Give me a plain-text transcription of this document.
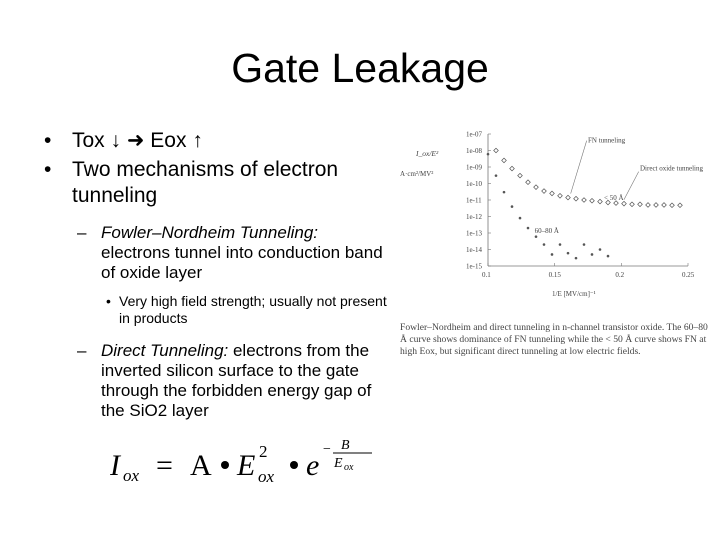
Gate Leakage
• Tox ↓ ➜ Eox ↑
• Two mechanisms of electron tunneling
– Fowler–Nordheim Tunneling: electrons tunnel into conduction band of oxide layer
• Very high field strength; usually not present in products
– Direct Tunneling: electrons from the inverted silicon surface to the gate through the forbidden energy gap of the SiO2 layer
I ox = A E 2
ox e − B
E ox
I_ox/E²
A·cm²/MV²
1/E [MV/cm]⁻¹
1e-07
1e-08
1e-09
1e-10
1e-11
1e-12
1e-13
1e-14
1e-15
0.1	0.15	0.2	0.25
FN tunneling
Direct oxide tunneling
< 50 Å
60–80 Å
Fowler–Nordheim and direct tunneling in n-channel transistor oxide. The 60–80 Å curve shows dominance of FN tunneling while the < 50 Å curve shows FN at high Eox, but significant direct tunneling at low electric fields.
